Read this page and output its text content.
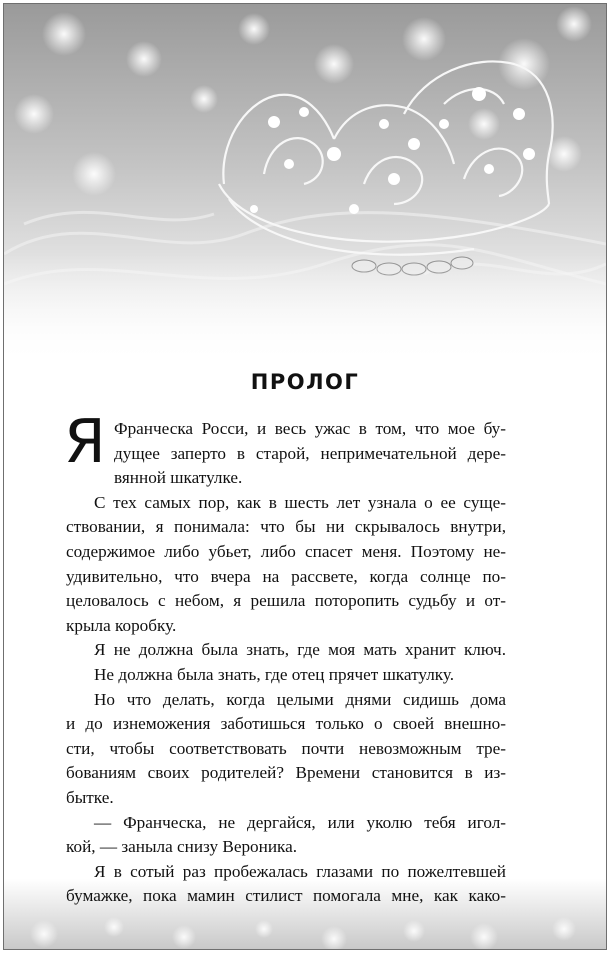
ПРОЛОГ
Я Франческа Росси, и весь ужас в том, что мое бу-
дущее заперто в старой, непримечательной дере-
вянной шкатулке.
С тех самых пор, как в шесть лет узнала о ее суще-
ствовании, я понимала: что бы ни скрывалось внутри,
содержимое либо убьет, либо спасет меня. Поэтому не-
удивительно, что вчера на рассвете, когда солнце по-
целовалось с небом, я решила поторопить судьбу и от-
крыла коробку.
Я не должна была знать, где моя мать хранит ключ.
Не должна была знать, где отец прячет шкатулку.
Но что делать, когда целыми днями сидишь дома
и до изнеможения заботишься только о своей внешно-
сти, чтобы соответствовать почти невозможным тре-
бованиям своих родителей? Времени становится в из-
бытке.
— Франческа, не дергайся, или уколю тебя игол-
кой, — заныла снизу Вероника.
Я в сотый раз пробежалась глазами по пожелтевшей
бумажке, пока мамин стилист помогала мне, как како-
